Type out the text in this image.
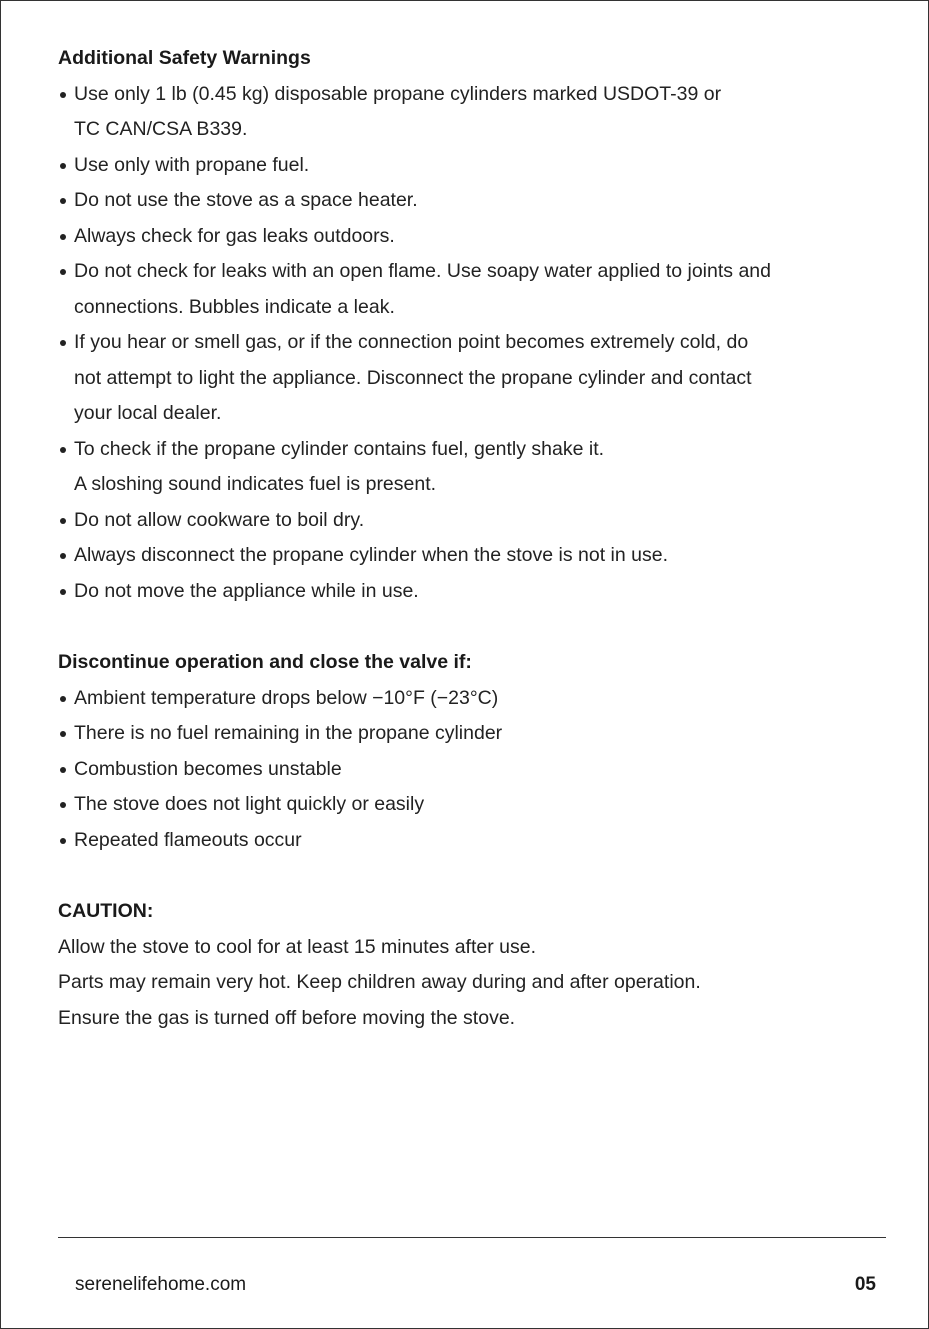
Additional Safety Warnings
Use only 1 lb (0.45 kg) disposable propane cylinders marked USDOT-39 or
TC CAN/CSA B339.
Use only with propane fuel.
Do not use the stove as a space heater.
Always check for gas leaks outdoors.
Do not check for leaks with an open flame. Use soapy water applied to joints and
connections. Bubbles indicate a leak.
If you hear or smell gas, or if the connection point becomes extremely cold, do
not attempt to light the appliance. Disconnect the propane cylinder and contact
your local dealer.
To check if the propane cylinder contains fuel, gently shake it.
A sloshing sound indicates fuel is present.
Do not allow cookware to boil dry.
Always disconnect the propane cylinder when the stove is not in use.
Do not move the appliance while in use.
Discontinue operation and close the valve if:
Ambient temperature drops below −10°F (−23°C)
There is no fuel remaining in the propane cylinder
Combustion becomes unstable
The stove does not light quickly or easily
Repeated flameouts occur
CAUTION:

Allow the stove to cool for at least 15 minutes after use.

Parts may remain very hot. Keep children away during and after operation.

Ensure the gas is turned off before moving the stove.

serenelifehome.com	05
